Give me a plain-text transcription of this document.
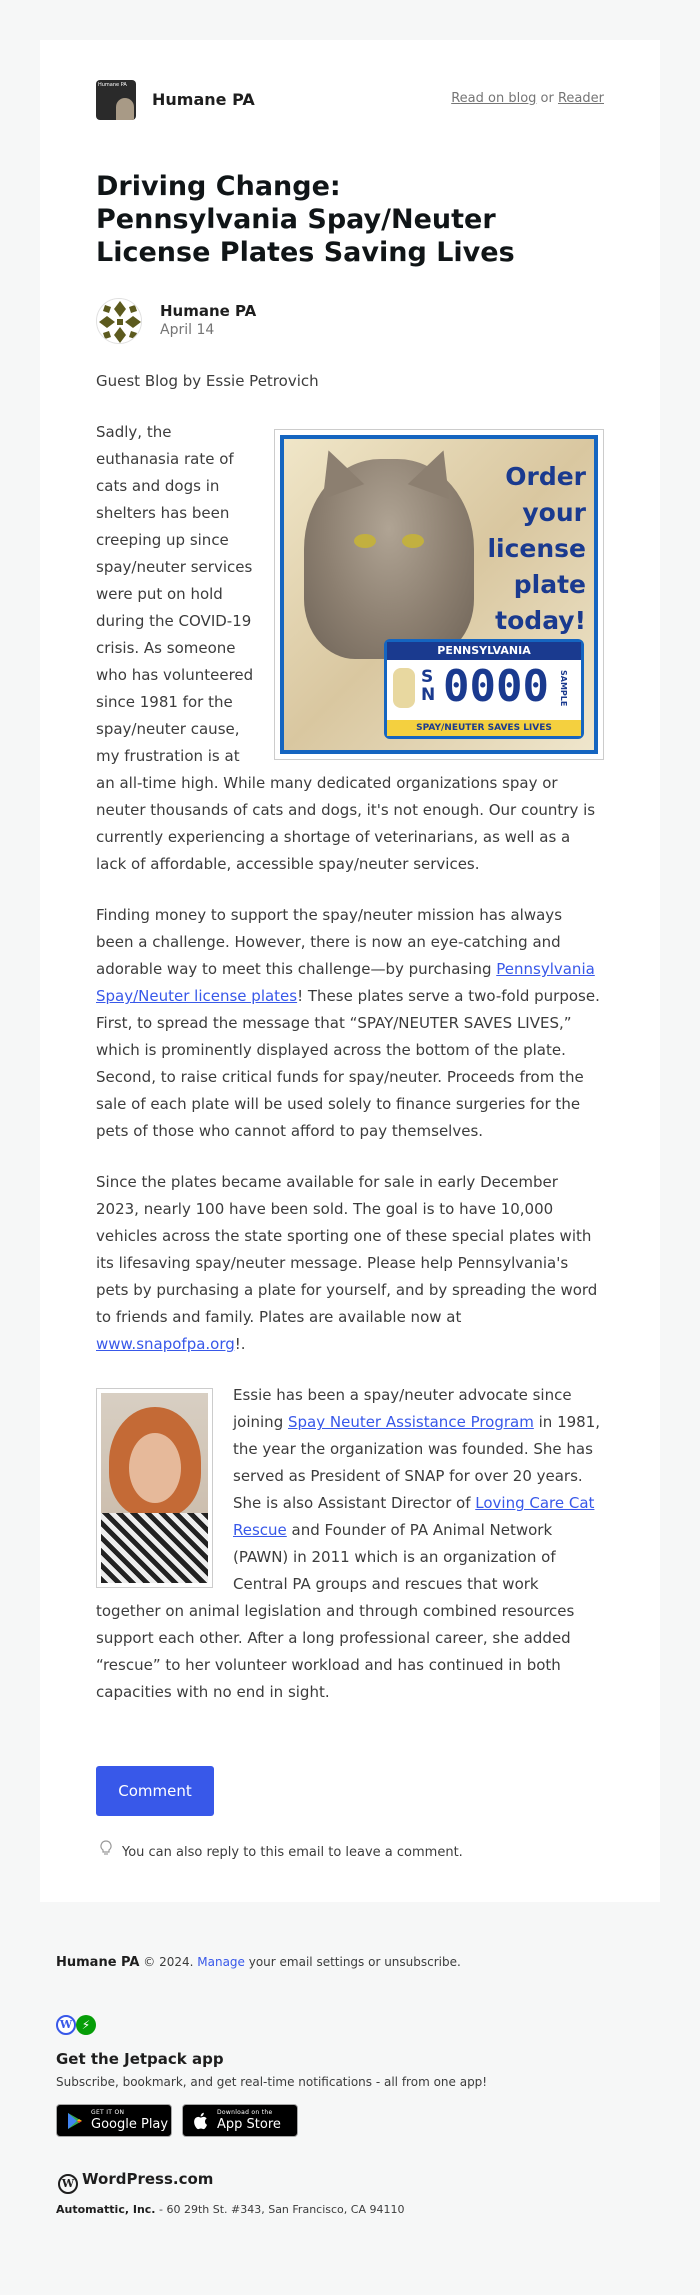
Humane PA
Humane PA	Read on blog or Reader
Driving Change: Pennsylvania Spay/Neuter License Plates Saving Lives
Humane PA
April 14

Guest Blog by Essie Petrovich

Order your license plate today!
PENNSYLVANIA
S N 0000	SAMPLE
SPAY/NEUTER SAVES LIVES
Sadly, the euthanasia rate of cats and dogs in shelters has been creeping up since spay/neuter services were put on hold during the COVID-19 crisis. As someone who has volunteered since 1981 for the spay/neuter cause, my frustration is at an all-time high. While many dedicated organizations spay or neuter thousands of cats and dogs, it's not enough. Our country is currently experiencing a shortage of veterinarians, as well as a lack of affordable, accessible spay/neuter services.

Finding money to support the spay/neuter mission has always been a challenge. However, there is now an eye-catching and adorable way to meet this challenge—by purchasing Pennsylvania Spay/Neuter license plates! These plates serve a two-fold purpose. First, to spread the message that “SPAY/NEUTER SAVES LIVES,” which is prominently displayed across the bottom of the plate. Second, to raise critical funds for spay/neuter. Proceeds from the sale of each plate will be used solely to finance surgeries for the pets of those who cannot afford to pay themselves.

Since the plates became available for sale in early December 2023, nearly 100 have been sold. The goal is to have 10,000 vehicles across the state sporting one of these special plates with its lifesaving spay/neuter message. Please help Pennsylvania's pets by purchasing a plate for yourself, and by spreading the word to friends and family. Plates are available now at www.snapofpa.org!.

Essie has been a spay/neuter advocate since joining Spay Neuter Assistance Program in 1981, the year the organization was founded. She has served as President of SNAP for over 20 years. She is also Assistant Director of Loving Care Cat Rescue and Founder of PA Animal Network (PAWN) in 2011 which is an organization of Central PA groups and rescues that work together on animal legislation and through combined resources support each other. After a long professional career, she added “rescue” to her volunteer workload and has continued in both capacities with no end in sight.

Comment
You can also reply to this email to leave a comment.
Humane PA © 2024. Manage your email settings or unsubscribe.
W ⚡
Get the Jetpack app
Subscribe, bookmark, and get real-time notifications - all from one app!
GET IT ON
Google Play
Download on the
App Store
W WordPress.com
Automattic, Inc. - 60 29th St. #343, San Francisco, CA 94110
